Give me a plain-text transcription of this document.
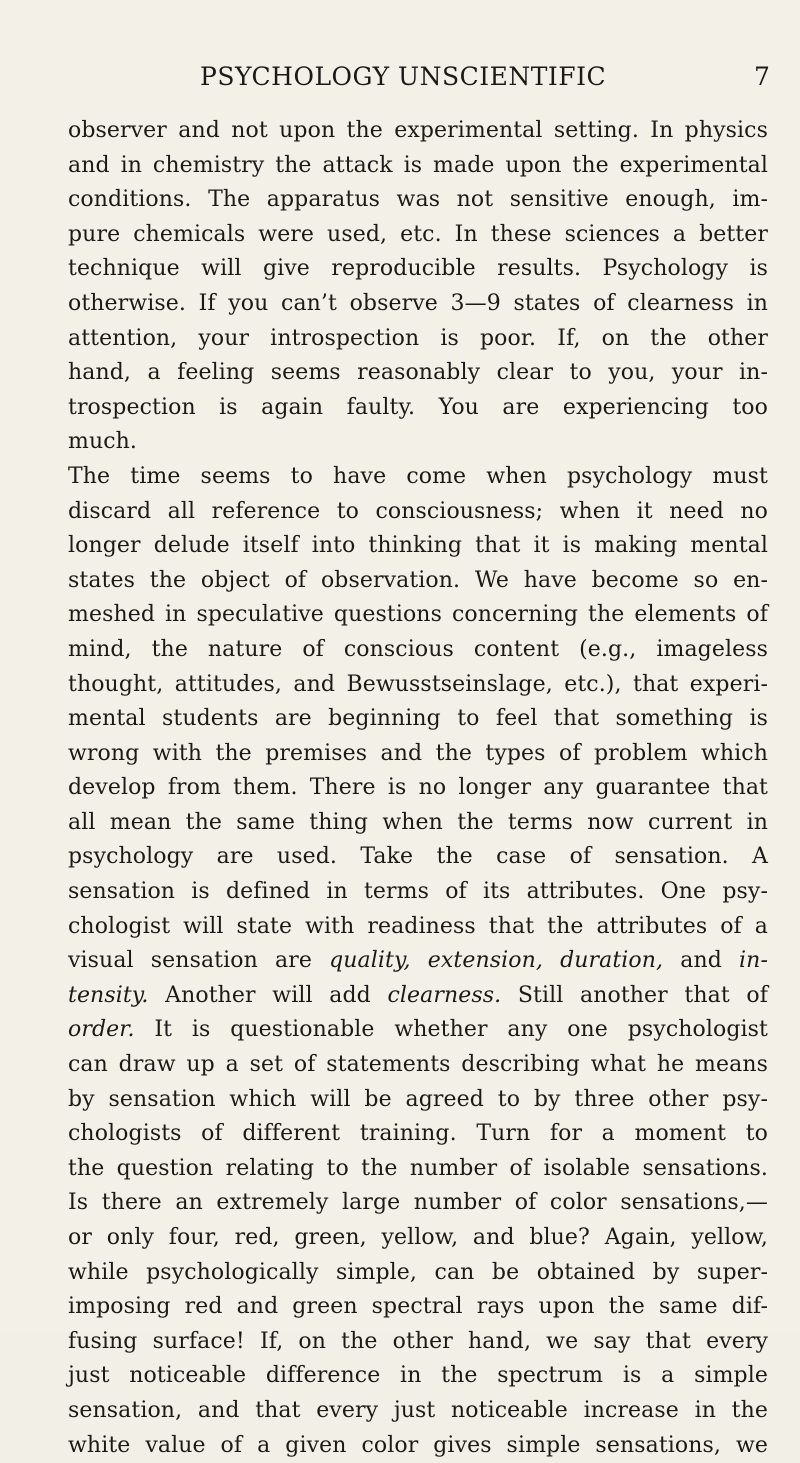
PSYCHOLOGY UNSCIENTIFIC	7
observer and not upon the experimental setting. In physics
and in chemistry the attack is made upon the experimental
conditions. The apparatus was not sensitive enough, im-
pure chemicals were used, etc. In these sciences a better
technique will give reproducible results. Psychology is
otherwise. If you can’t observe 3—9 states of clearness in
attention, your introspection is poor. If, on the other
hand, a feeling seems reasonably clear to you, your in-
trospection is again faulty. You are experiencing too
much.
The time seems to have come when psychology must
discard all reference to consciousness; when it need no
longer delude itself into thinking that it is making mental
states the object of observation. We have become so en-
meshed in speculative questions concerning the elements of
mind, the nature of conscious content (e.g., imageless
thought, attitudes, and Bewusstseinslage, etc.), that experi-
mental students are beginning to feel that something is
wrong with the premises and the types of problem which
develop from them. There is no longer any guarantee that
all mean the same thing when the terms now current in
psychology are used. Take the case of sensation. A
sensation is defined in terms of its attributes. One psy-
chologist will state with readiness that the attributes of a
visual sensation are quality, extension, duration, and in-
tensity. Another will add clearness. Still another that of
order. It is questionable whether any one psychologist
can draw up a set of statements describing what he means
by sensation which will be agreed to by three other psy-
chologists of different training. Turn for a moment to
the question relating to the number of isolable sensations.
Is there an extremely large number of color sensations,—
or only four, red, green, yellow, and blue? Again, yellow,
while psychologically simple, can be obtained by super-
imposing red and green spectral rays upon the same dif-
fusing surface! If, on the other hand, we say that every
just noticeable difference in the spectrum is a simple
sensation, and that every just noticeable increase in the
white value of a given color gives simple sensations, we
